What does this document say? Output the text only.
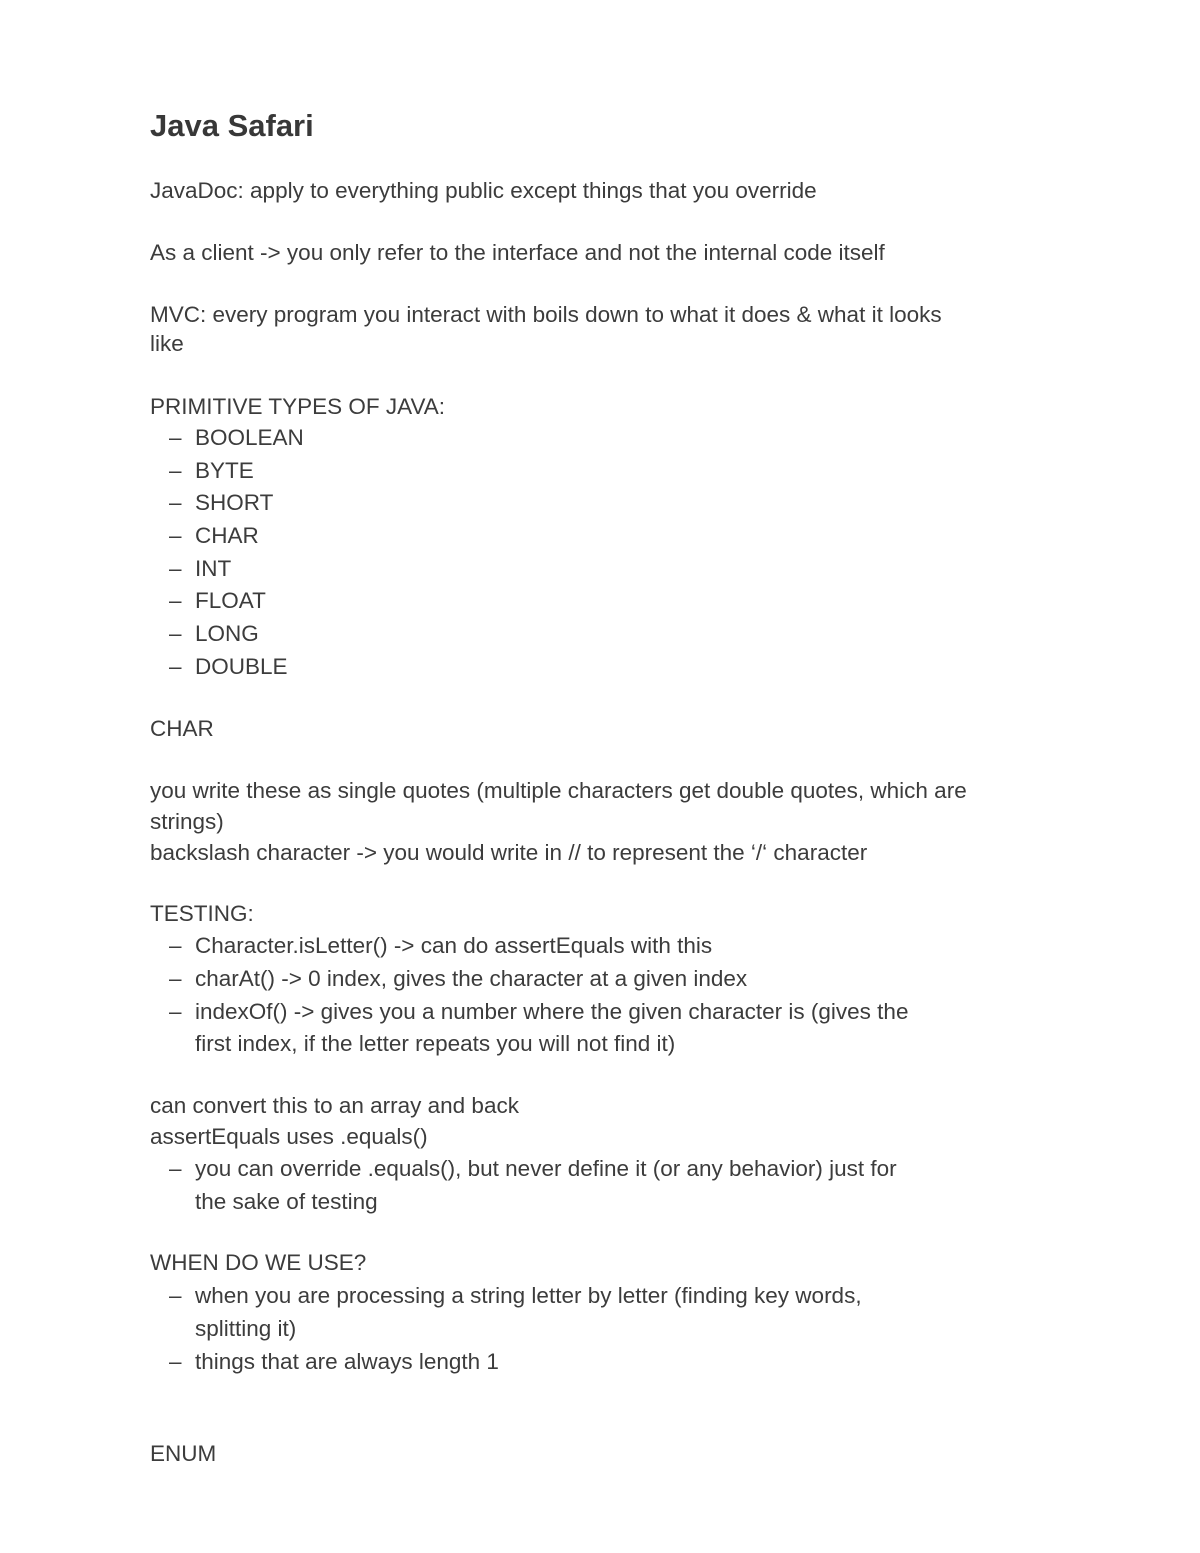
Java Safari

JavaDoc: apply to everything public except things that you override

As a client -> you only refer to the interface and not the internal code itself

MVC: every program you interact with boils down to what it does & what it looks

like

PRIMITIVE TYPES OF JAVA:

– BOOLEAN
– BYTE
– SHORT
– CHAR
– INT
– FLOAT
– LONG
– DOUBLE

CHAR

you write these as single quotes (multiple characters get double quotes, which are

strings)

backslash character -> you would write in // to represent the ‘/‘ character

TESTING:

– Character.isLetter() -> can do assertEquals with this
– charAt() -> 0 index, gives the character at a given index
– indexOf() -> gives you a number where the given character is (gives the
first index, if the letter repeats you will not find it)

can convert this to an array and back

assertEquals uses .equals()

– you can override .equals(), but never define it (or any behavior) just for
the sake of testing

WHEN DO WE USE?

– when you are processing a string letter by letter (finding key words,
splitting it)
– things that are always length 1

ENUM
